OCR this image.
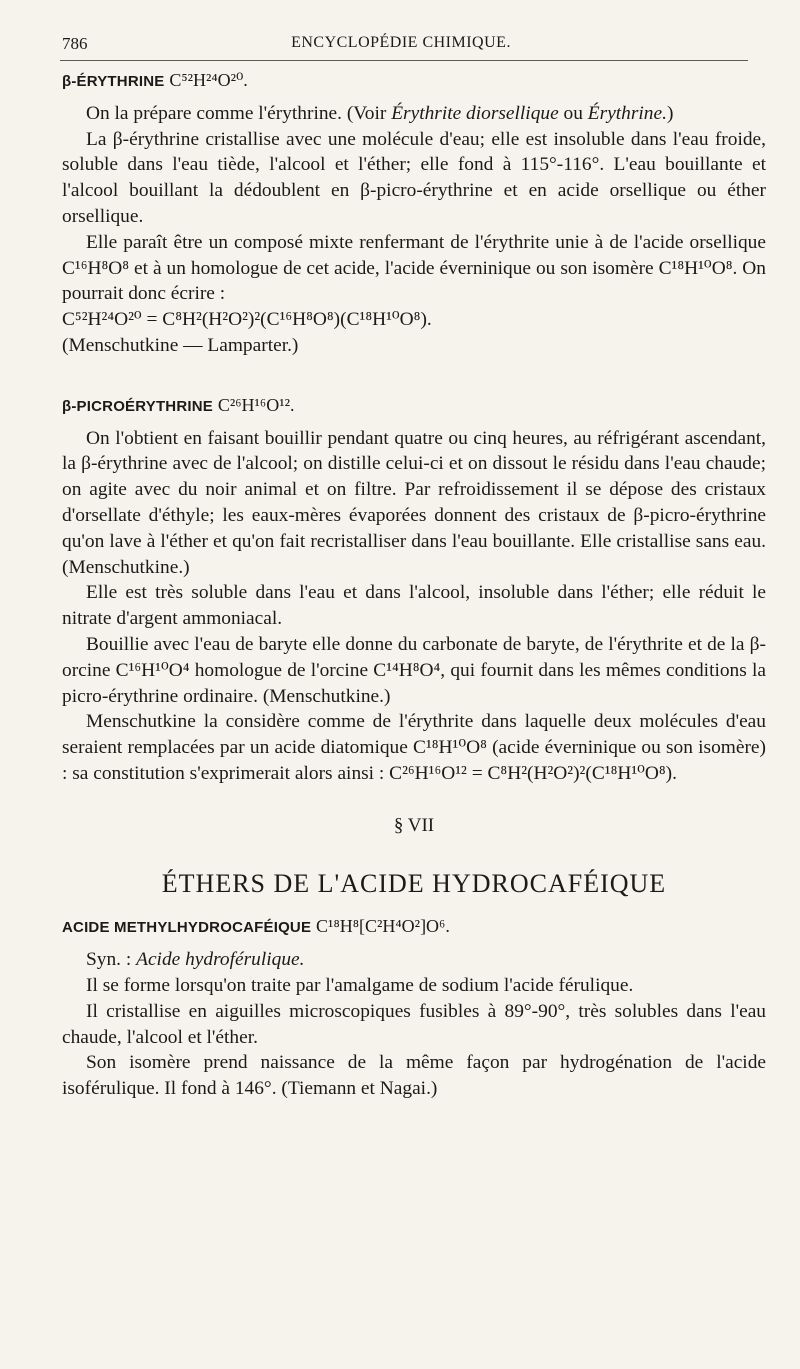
786	ENCYCLOPÉDIE CHIMIQUE.
β-ÉRYTHRINE C⁵²H²⁴O²⁰.

On la prépare comme l'érythrine. (Voir Érythrite diorsellique ou Érythrine.)

La β-érythrine cristallise avec une molécule d'eau; elle est insoluble dans l'eau froide, soluble dans l'eau tiède, l'alcool et l'éther; elle fond à 115°-116°. L'eau bouillante et l'alcool bouillant la dédoublent en β-picro-érythrine et en acide orsellique ou éther orsellique.

Elle paraît être un composé mixte renfermant de l'érythrite unie à de l'acide orsellique C¹⁶H⁸O⁸ et à un homologue de cet acide, l'acide éverninique ou son isomère C¹⁸H¹⁰O⁸. On pourrait donc écrire :

C⁵²H²⁴O²⁰ = C⁸H²(H²O²)²(C¹⁶H⁸O⁸)(C¹⁸H¹⁰O⁸).

(Menschutkine — Lamparter.)

β-PICROÉRYTHRINE C²⁶H¹⁶O¹².

On l'obtient en faisant bouillir pendant quatre ou cinq heures, au réfrigérant ascendant, la β-érythrine avec de l'alcool; on distille celui-ci et on dissout le résidu dans l'eau chaude; on agite avec du noir animal et on filtre. Par refroidissement il se dépose des cristaux d'orsellate d'éthyle; les eaux-mères évaporées donnent des cristaux de β-picro-érythrine qu'on lave à l'éther et qu'on fait recristalliser dans l'eau bouillante. Elle cristallise sans eau. (Menschutkine.)

Elle est très soluble dans l'eau et dans l'alcool, insoluble dans l'éther; elle réduit le nitrate d'argent ammoniacal.

Bouillie avec l'eau de baryte elle donne du carbonate de baryte, de l'érythrite et de la β-orcine C¹⁶H¹⁰O⁴ homologue de l'orcine C¹⁴H⁸O⁴, qui fournit dans les mêmes conditions la picro-érythrine ordinaire. (Menschutkine.)

Menschutkine la considère comme de l'érythrite dans laquelle deux molécules d'eau seraient remplacées par un acide diatomique C¹⁸H¹⁰O⁸ (acide éverninique ou son isomère) : sa constitution s'exprimerait alors ainsi : C²⁶H¹⁶O¹² = C⁸H²(H²O²)²(C¹⁸H¹⁰O⁸).

§ VII
ÉTHERS DE L'ACIDE HYDROCAFÉIQUE
ACIDE METHYLHYDROCAFÉIQUE C¹⁸H⁸[C²H⁴O²]O⁶.

Syn. : Acide hydroférulique.

Il se forme lorsqu'on traite par l'amalgame de sodium l'acide férulique.

Il cristallise en aiguilles microscopiques fusibles à 89°-90°, très solubles dans l'eau chaude, l'alcool et l'éther.

Son isomère prend naissance de la même façon par hydrogénation de l'acide isoférulique. Il fond à 146°. (Tiemann et Nagai.)
